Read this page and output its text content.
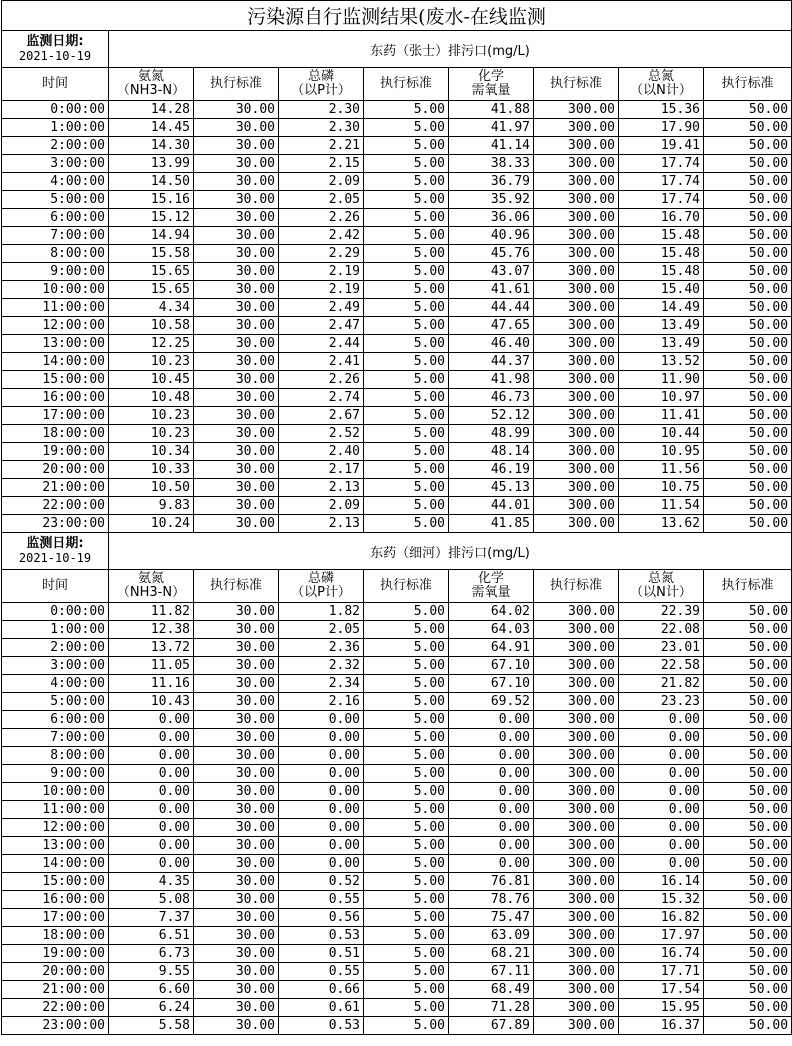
污染源自行监测结果(废水-在线监测								

监测日期:
2021-10-19	东药（张士）排污口(mg/L)							

时间	氨氮
（NH3-N）	执行标准	总磷
（以P计）	执行标准	化学
需氧量	执行标准	总氮
（以N计）	执行标准

0:00:00	14.28	30.00	2.30	5.00	41.88	300.00	15.36	50.00
1:00:00	14.45	30.00	2.30	5.00	41.97	300.00	17.90	50.00
2:00:00	14.30	30.00	2.21	5.00	41.14	300.00	19.41	50.00
3:00:00	13.99	30.00	2.15	5.00	38.33	300.00	17.74	50.00
4:00:00	14.50	30.00	2.09	5.00	36.79	300.00	17.74	50.00
5:00:00	15.16	30.00	2.05	5.00	35.92	300.00	17.74	50.00
6:00:00	15.12	30.00	2.26	5.00	36.06	300.00	16.70	50.00
7:00:00	14.94	30.00	2.42	5.00	40.96	300.00	15.48	50.00
8:00:00	15.58	30.00	2.29	5.00	45.76	300.00	15.48	50.00
9:00:00	15.65	30.00	2.19	5.00	43.07	300.00	15.48	50.00
10:00:00	15.65	30.00	2.19	5.00	41.61	300.00	15.40	50.00
11:00:00	4.34	30.00	2.49	5.00	44.44	300.00	14.49	50.00
12:00:00	10.58	30.00	2.47	5.00	47.65	300.00	13.49	50.00
13:00:00	12.25	30.00	2.44	5.00	46.40	300.00	13.49	50.00
14:00:00	10.23	30.00	2.41	5.00	44.37	300.00	13.52	50.00
15:00:00	10.45	30.00	2.26	5.00	41.98	300.00	11.90	50.00
16:00:00	10.48	30.00	2.74	5.00	46.73	300.00	10.97	50.00
17:00:00	10.23	30.00	2.67	5.00	52.12	300.00	11.41	50.00
18:00:00	10.23	30.00	2.52	5.00	48.99	300.00	10.44	50.00
19:00:00	10.34	30.00	2.40	5.00	48.14	300.00	10.95	50.00
20:00:00	10.33	30.00	2.17	5.00	46.19	300.00	11.56	50.00
21:00:00	10.50	30.00	2.13	5.00	45.13	300.00	10.75	50.00
22:00:00	9.83	30.00	2.09	5.00	44.01	300.00	11.54	50.00
23:00:00	10.24	30.00	2.13	5.00	41.85	300.00	13.62	50.00

监测日期:
2021-10-19	东药（细河）排污口(mg/L)							

时间	氨氮
（NH3-N）	执行标准	总磷
（以P计）	执行标准	化学
需氧量	执行标准	总氮
（以N计）	执行标准

0:00:00	11.82	30.00	1.82	5.00	64.02	300.00	22.39	50.00
1:00:00	12.38	30.00	2.05	5.00	64.03	300.00	22.08	50.00
2:00:00	13.72	30.00	2.36	5.00	64.91	300.00	23.01	50.00
3:00:00	11.05	30.00	2.32	5.00	67.10	300.00	22.58	50.00
4:00:00	11.16	30.00	2.34	5.00	67.10	300.00	21.82	50.00
5:00:00	10.43	30.00	2.16	5.00	69.52	300.00	23.23	50.00
6:00:00	0.00	30.00	0.00	5.00	0.00	300.00	0.00	50.00
7:00:00	0.00	30.00	0.00	5.00	0.00	300.00	0.00	50.00
8:00:00	0.00	30.00	0.00	5.00	0.00	300.00	0.00	50.00
9:00:00	0.00	30.00	0.00	5.00	0.00	300.00	0.00	50.00
10:00:00	0.00	30.00	0.00	5.00	0.00	300.00	0.00	50.00
11:00:00	0.00	30.00	0.00	5.00	0.00	300.00	0.00	50.00
12:00:00	0.00	30.00	0.00	5.00	0.00	300.00	0.00	50.00
13:00:00	0.00	30.00	0.00	5.00	0.00	300.00	0.00	50.00
14:00:00	0.00	30.00	0.00	5.00	0.00	300.00	0.00	50.00
15:00:00	4.35	30.00	0.52	5.00	76.81	300.00	16.14	50.00
16:00:00	5.08	30.00	0.55	5.00	78.76	300.00	15.32	50.00
17:00:00	7.37	30.00	0.56	5.00	75.47	300.00	16.82	50.00
18:00:00	6.51	30.00	0.53	5.00	63.09	300.00	17.97	50.00
19:00:00	6.73	30.00	0.51	5.00	68.21	300.00	16.74	50.00
20:00:00	9.55	30.00	0.55	5.00	67.11	300.00	17.71	50.00
21:00:00	6.60	30.00	0.66	5.00	68.49	300.00	17.54	50.00
22:00:00	6.24	30.00	0.61	5.00	71.28	300.00	15.95	50.00
23:00:00	5.58	30.00	0.53	5.00	67.89	300.00	16.37	50.00
